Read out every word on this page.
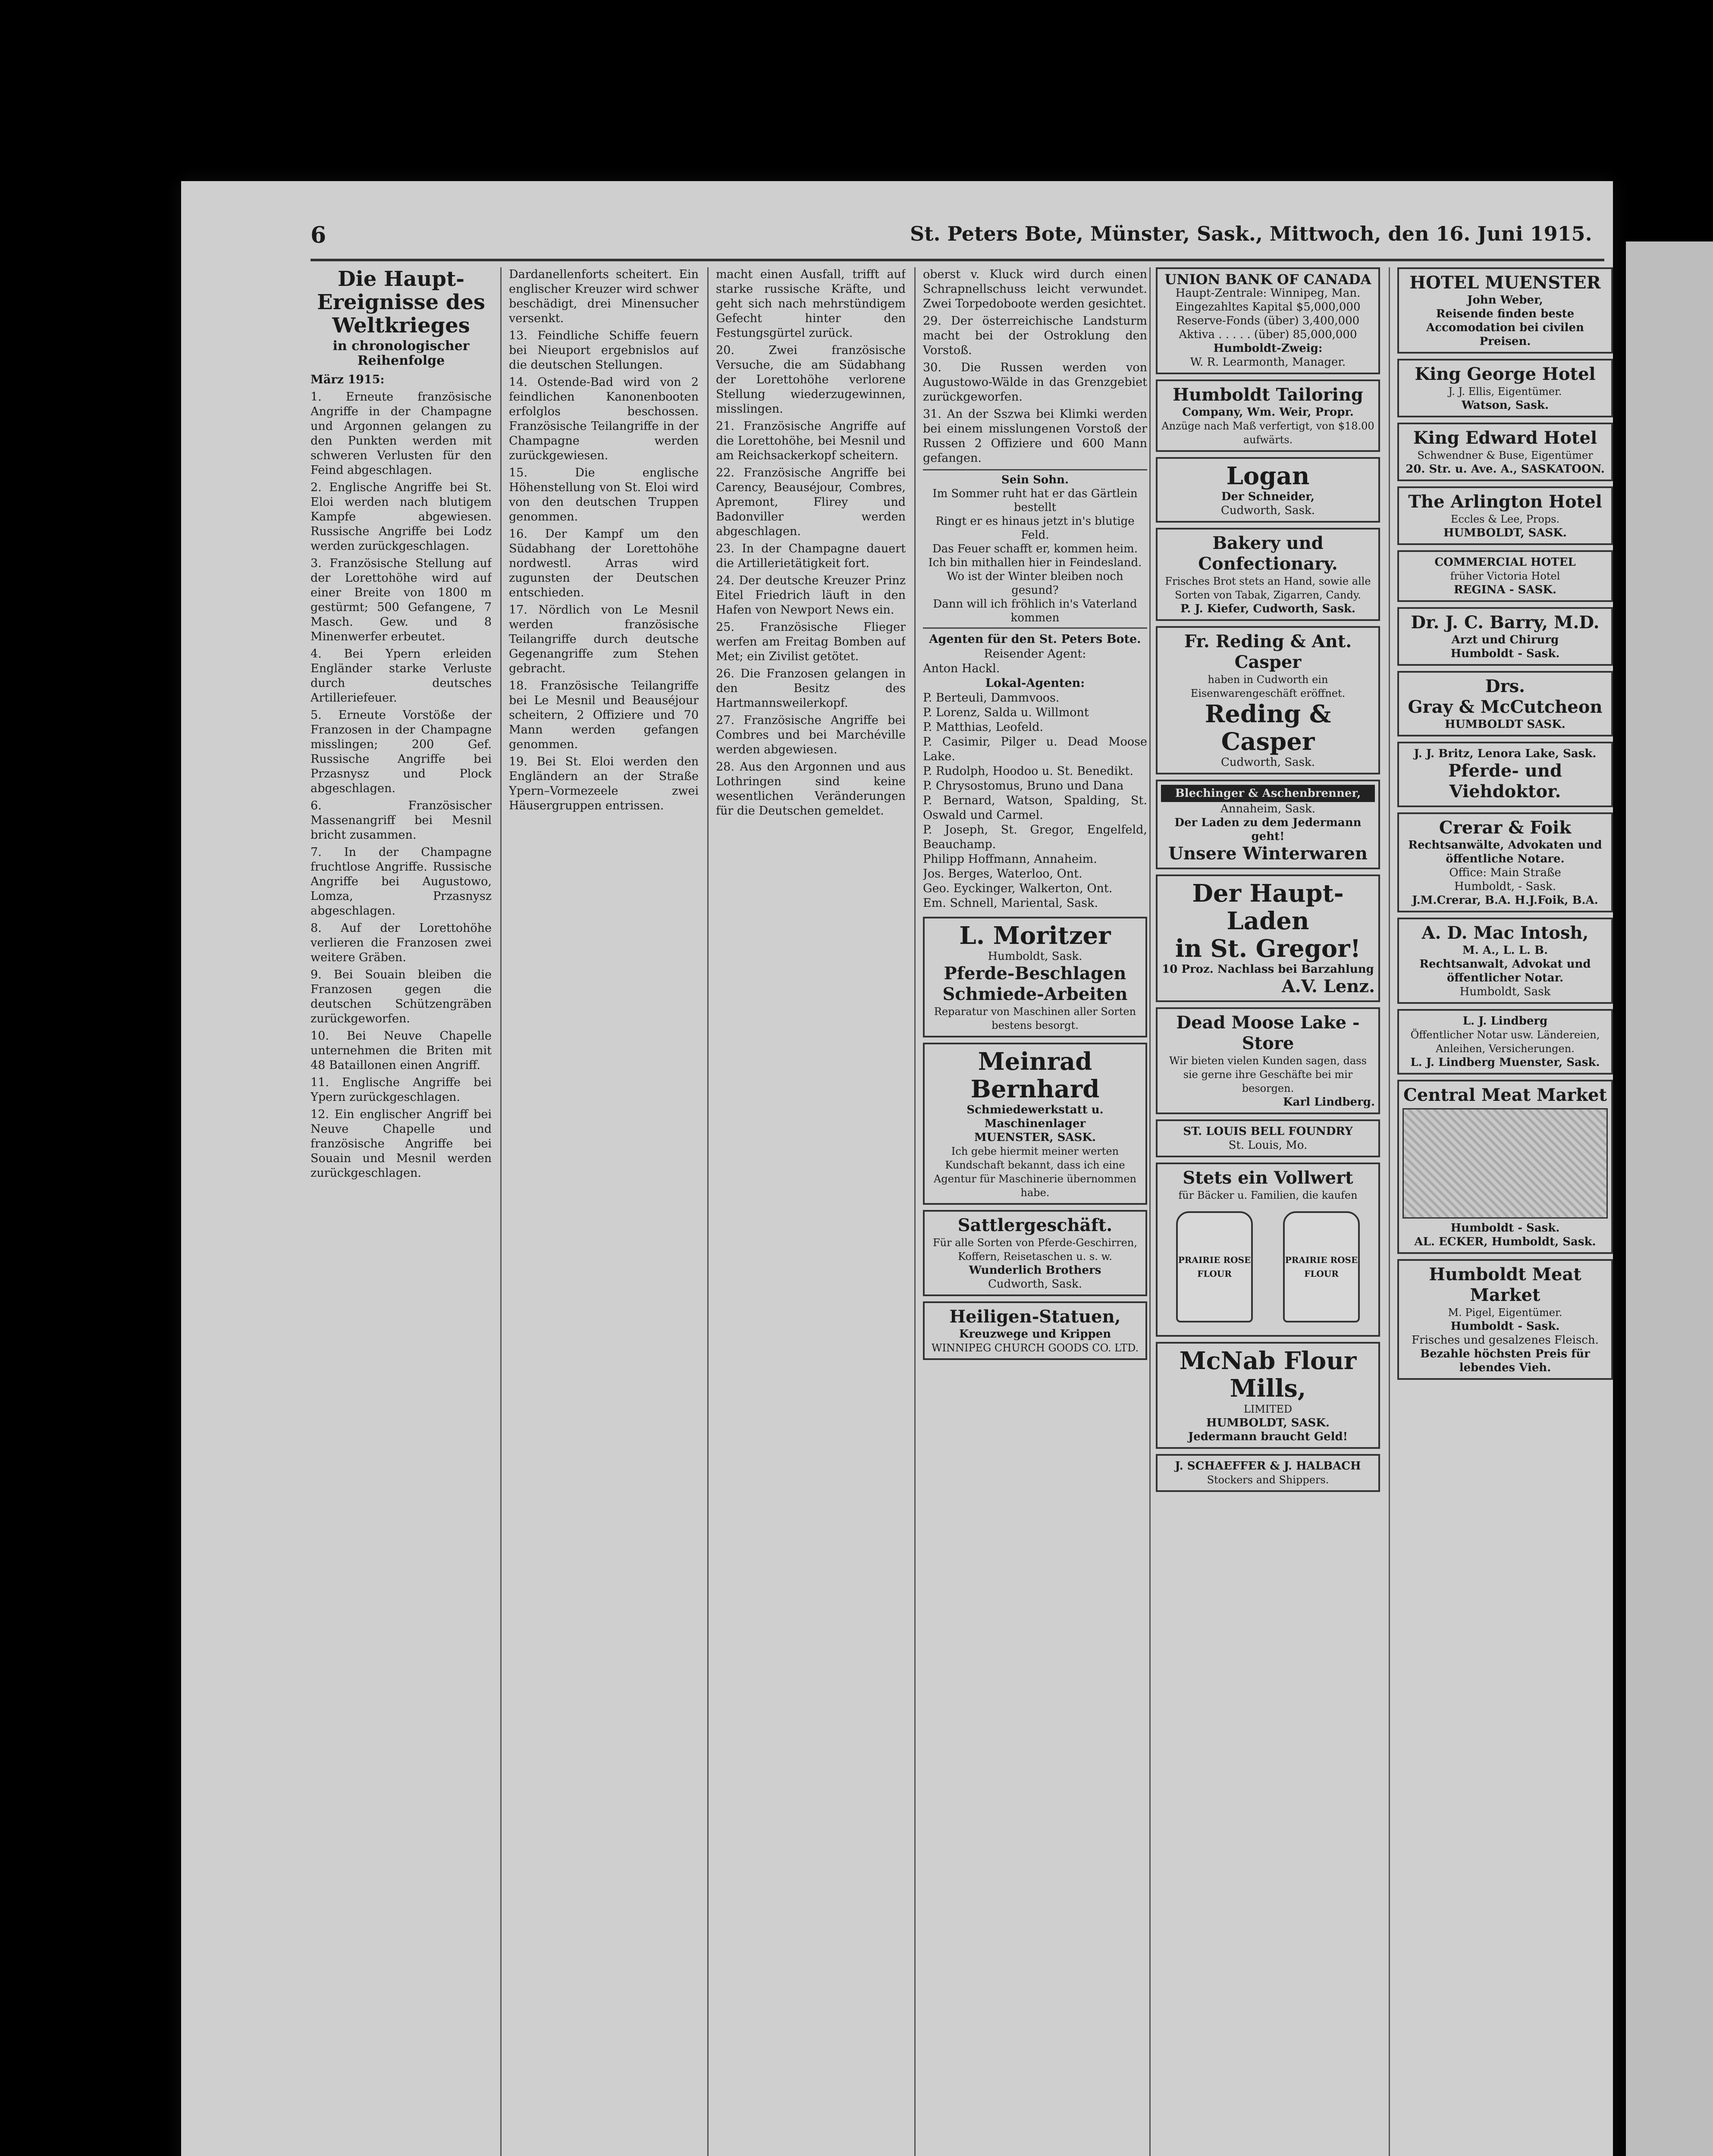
6	St. Peters Bote, Münster, Sask., Mittwoch, den 16. Juni 1915.
Die Haupt-Ereignisse des Weltkrieges
in chronologischer Reihenfolge

März 1915:

1. Erneute französische Angriffe in der Champagne und Argonnen gelangen zu den Punkten werden mit schweren Verlusten für den Feind abgeschlagen.

2. Englische Angriffe bei St. Eloi werden nach blutigem Kampfe abgewiesen. Russische Angriffe bei Lodz werden zurückgeschlagen.

3. Französische Stellung auf der Lorettohöhe wird auf einer Breite von 1800 m gestürmt; 500 Gefangene, 7 Masch. Gew. und 8 Minenwerfer erbeutet.

4. Bei Ypern erleiden Engländer starke Verluste durch deutsches Artilleriefeuer.

5. Erneute Vorstöße der Franzosen in der Champagne misslingen; 200 Gef. Russische Angriffe bei Przasnysz und Plock abgeschlagen.

6. Französischer Massenangriff bei Mesnil bricht zusammen.

7. In der Champagne fruchtlose Angriffe. Russische Angriffe bei Augustowo, Lomza, Przasnysz abgeschlagen.

8. Auf der Lorettohöhe verlieren die Franzosen zwei weitere Gräben.

9. Bei Souain bleiben die Franzosen gegen die deutschen Schützengräben zurückgeworfen.

10. Bei Neuve Chapelle unternehmen die Briten mit 48 Bataillonen einen Angriff.

11. Englische Angriffe bei Ypern zurückgeschlagen.

12. Ein englischer Angriff bei Neuve Chapelle und französische Angriffe bei Souain und Mesnil werden zurückgeschlagen.

Dardanellenforts scheitert. Ein englischer Kreuzer wird schwer beschädigt, drei Minensucher versenkt.

13. Feindliche Schiffe feuern bei Nieuport ergebnislos auf die deutschen Stellungen.

14. Ostende-Bad wird von 2 feindlichen Kanonenbooten erfolglos beschossen. Französische Teilangriffe in der Champagne werden zurückgewiesen.

15. Die englische Höhenstellung von St. Eloi wird von den deutschen Truppen genommen.

16. Der Kampf um den Südabhang der Lorettohöhe nordwestl. Arras wird zugunsten der Deutschen entschieden.

17. Nördlich von Le Mesnil werden französische Teilangriffe durch deutsche Gegenangriffe zum Stehen gebracht.

18. Französische Teilangriffe bei Le Mesnil und Beauséjour scheitern, 2 Offiziere und 70 Mann werden gefangen genommen.

19. Bei St. Eloi werden den Engländern an der Straße Ypern–Vormezeele zwei Häusergruppen entrissen.

macht einen Ausfall, trifft auf starke russische Kräfte, und geht sich nach mehrstündigem Gefecht hinter den Festungsgürtel zurück.

20. Zwei französische Versuche, die am Südabhang der Lorettohöhe verlorene Stellung wiederzugewinnen, misslingen.

21. Französische Angriffe auf die Lorettohöhe, bei Mesnil und am Reichsackerkopf scheitern.

22. Französische Angriffe bei Carency, Beauséjour, Combres, Apremont, Flirey und Badonviller werden abgeschlagen.

23. In der Champagne dauert die Artillerietätigkeit fort.

24. Der deutsche Kreuzer Prinz Eitel Friedrich läuft in den Hafen von Newport News ein.

25. Französische Flieger werfen am Freitag Bomben auf Met; ein Zivilist getötet.

26. Die Franzosen gelangen in den Besitz des Hartmannsweilerkopf.

27. Französische Angriffe bei Combres und bei Marchéville werden abgewiesen.

28. Aus den Argonnen und aus Lothringen sind keine wesentlichen Veränderungen für die Deutschen gemeldet.

oberst v. Kluck wird durch einen Schrapnellschuss leicht verwundet. Zwei Torpedoboote werden gesichtet.

29. Der österreichische Landsturm macht bei der Ostroklung den Vorstoß.

30. Die Russen werden von Augustowo-Wälde in das Grenzgebiet zurückgeworfen.

31. An der Sszwa bei Klimki werden bei einem misslungenen Vorstoß der Russen 2 Offiziere und 600 Mann gefangen.

Sein Sohn.
Im Sommer ruht hat er das Gärtlein bestellt
Ringt er es hinaus jetzt in's blutige Feld.
Das Feuer schafft er, kommen heim.
Ich bin mithallen hier in Feindesland.
Wo ist der Winter bleiben noch gesund?
Dann will ich fröhlich in's Vaterland kommen
Agenten für den St. Peters Bote.
Reisender Agent:
Anton Hackl.
Lokal-Agenten:
P. Berteuli, Dammvoos.
P. Lorenz, Salda u. Willmont
P. Matthias, Leofeld.
P. Casimir, Pilger u. Dead Moose Lake.
P. Rudolph, Hoodoo u. St. Benedikt.
P. Chrysostomus, Bruno und Dana
P. Bernard, Watson, Spalding, St. Oswald und Carmel.
P. Joseph, St. Gregor, Engelfeld, Beauchamp.
Philipp Hoffmann, Annaheim.
Jos. Berges, Waterloo, Ont.
Geo. Eyckinger, Walkerton, Ont.
Em. Schnell, Mariental, Sask.
L. Moritzer
Humboldt, Sask.
Pferde-Beschlagen
Schmiede-Arbeiten
Reparatur von Maschinen aller Sorten bestens besorgt.
Meinrad Bernhard
Schmiedewerkstatt u. Maschinenlager
MUENSTER, SASK.
Ich gebe hiermit meiner werten Kundschaft bekannt, dass ich eine Agentur für Maschinerie übernommen habe.
Sattlergeschäft.
Für alle Sorten von Pferde-Geschirren, Koffern, Reisetaschen u. s. w.
Wunderlich Brothers
Cudworth, Sask.
Heiligen-Statuen,
Kreuzwege und Krippen
WINNIPEG CHURCH GOODS CO. LTD.
UNION BANK OF CANADA
Haupt-Zentrale: Winnipeg, Man.
Eingezahltes Kapital $5,000,000
Reserve-Fonds (über) 3,400,000
Aktiva . . . . . (über) 85,000,000
Humboldt-Zweig:
W. R. Learmonth, Manager.
Humboldt Tailoring
Company, Wm. Weir, Propr.
Anzüge nach Maß verfertigt, von $18.00 aufwärts.
Logan
Der Schneider,
Cudworth, Sask.
Bakery und Confectionary.
Frisches Brot stets an Hand, sowie alle Sorten von Tabak, Zigarren, Candy.
P. J. Kiefer, Cudworth, Sask.
Fr. Reding & Ant. Casper
haben in Cudworth ein Eisenwarengeschäft eröffnet.
Reding & Casper
Cudworth, Sask.
Blechinger & Aschenbrenner,
Annaheim, Sask.
Der Laden zu dem Jedermann geht!
Unsere Winterwaren
Der Haupt-Laden
in St. Gregor!
10 Proz. Nachlass bei Barzahlung
A.V. Lenz.
Dead Moose Lake - Store
Wir bieten vielen Kunden sagen, dass sie gerne ihre Geschäfte bei mir besorgen.
Karl Lindberg.
ST. LOUIS BELL FOUNDRY
St. Louis, Mo.
Stets ein Vollwert
für Bäcker u. Familien, die kaufen
PRAIRIE ROSE FLOUR
PRAIRIE ROSE FLOUR
McNab Flour Mills,
LIMITED
HUMBOLDT, SASK.
Jedermann braucht Geld!
J. SCHAEFFER & J. HALBACH
Stockers and Shippers.
HOTEL MUENSTER
John Weber,
Reisende finden beste Accomodation bei civilen Preisen.
King George Hotel
J. J. Ellis, Eigentümer.
Watson, Sask.
King Edward Hotel
Schwendner & Buse, Eigentümer
20. Str. u. Ave. A., SASKATOON.
The Arlington Hotel
Eccles & Lee, Props.
HUMBOLDT, SASK.
COMMERCIAL HOTEL
früher Victoria Hotel
REGINA - SASK.
Dr. J. C. Barry, M.D.
Arzt und Chirurg
Humboldt - Sask.
Drs.
Gray & McCutcheon
HUMBOLDT SASK.
J. J. Britz, Lenora Lake, Sask.
Pferde- und Viehdoktor.
Crerar & Foik
Rechtsanwälte, Advokaten und öffentliche Notare.
Office: Main Straße
Humboldt, - Sask.
J.M.Crerar, B.A. H.J.Foik, B.A.
A. D. Mac Intosh,
M. A., L. L. B.
Rechtsanwalt, Advokat und öffentlicher Notar.
Humboldt, Sask
L. J. Lindberg
Öffentlicher Notar usw. Ländereien, Anleihen, Versicherungen.
L. J. Lindberg Muenster, Sask.
Central Meat Market
Humboldt - Sask.
AL. ECKER, Humboldt, Sask.
Humboldt Meat Market
M. Pigel, Eigentümer.
Humboldt - Sask.
Frisches und gesalzenes Fleisch.
Bezahle höchsten Preis für lebendes Vieh.
